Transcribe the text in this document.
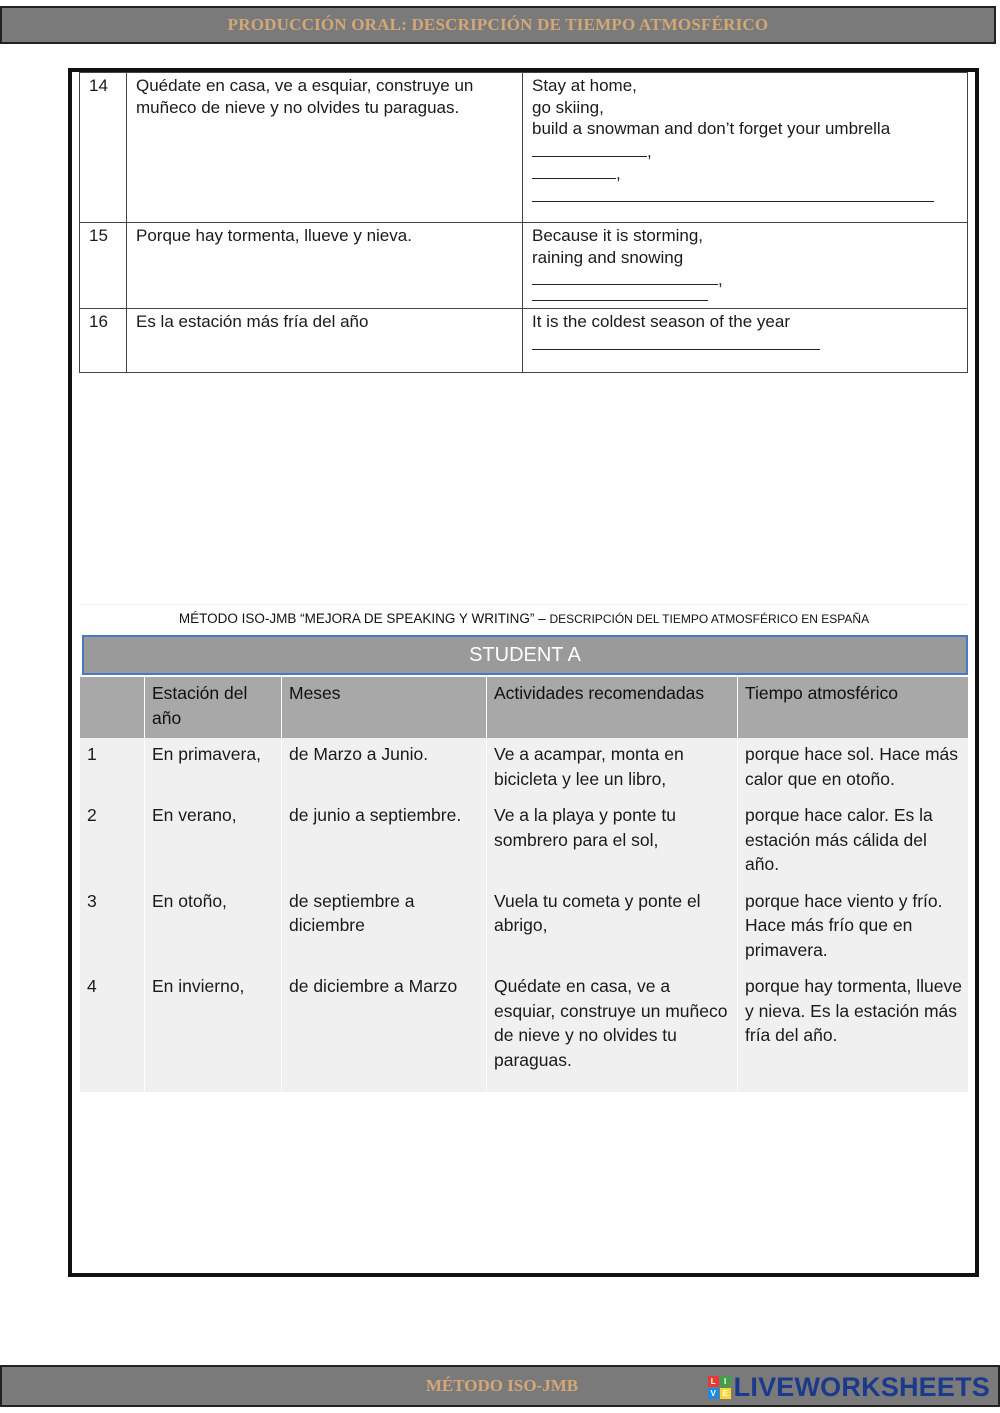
PRODUCCIÓN ORAL: DESCRIPCIÓN DE TIEMPO ATMOSFÉRICO
14	Quédate en casa, ve a esquiar, construye un muñeco de nieve y no olvides tu paraguas.	Stay at home,
go skiing,
build a snowman and don’t forget your umbrella
,
,

15	Porque hay tormenta, llueve y nieva.	Because it is storming,
raining and snowing
,

16	Es la estación más fría del año	It is the coldest season of the year
MÉTODO ISO-JMB “MEJORA DE SPEAKING Y WRITING” – DESCRIPCIÓN DEL TIEMPO ATMOSFÉRICO EN ESPAÑA
STUDENT A
	Estación del año	Meses	Actividades recomendadas	Tiempo atmosférico
1	En primavera,	de Marzo a Junio.	Ve a acampar, monta en bicicleta y lee un libro,	porque hace sol. Hace más calor que en otoño.
2	En verano,	de junio a septiembre.	Ve a la playa y ponte tu sombrero para el sol,	porque hace calor. Es la estación más cálida del año.
3	En otoño,	de septiembre a diciembre	Vuela tu cometa y ponte el abrigo,	porque hace viento y frío. Hace más frío que en primavera.
4	En invierno,	de diciembre a Marzo	Quédate en casa, ve a esquiar, construye un muñeco de nieve y no olvides tu paraguas.	porque hay tormenta, llueve y nieva. Es la estación más fría del año.
MÉTODO ISO-JMB	L	I
V E LIVEWORKSHEETS
